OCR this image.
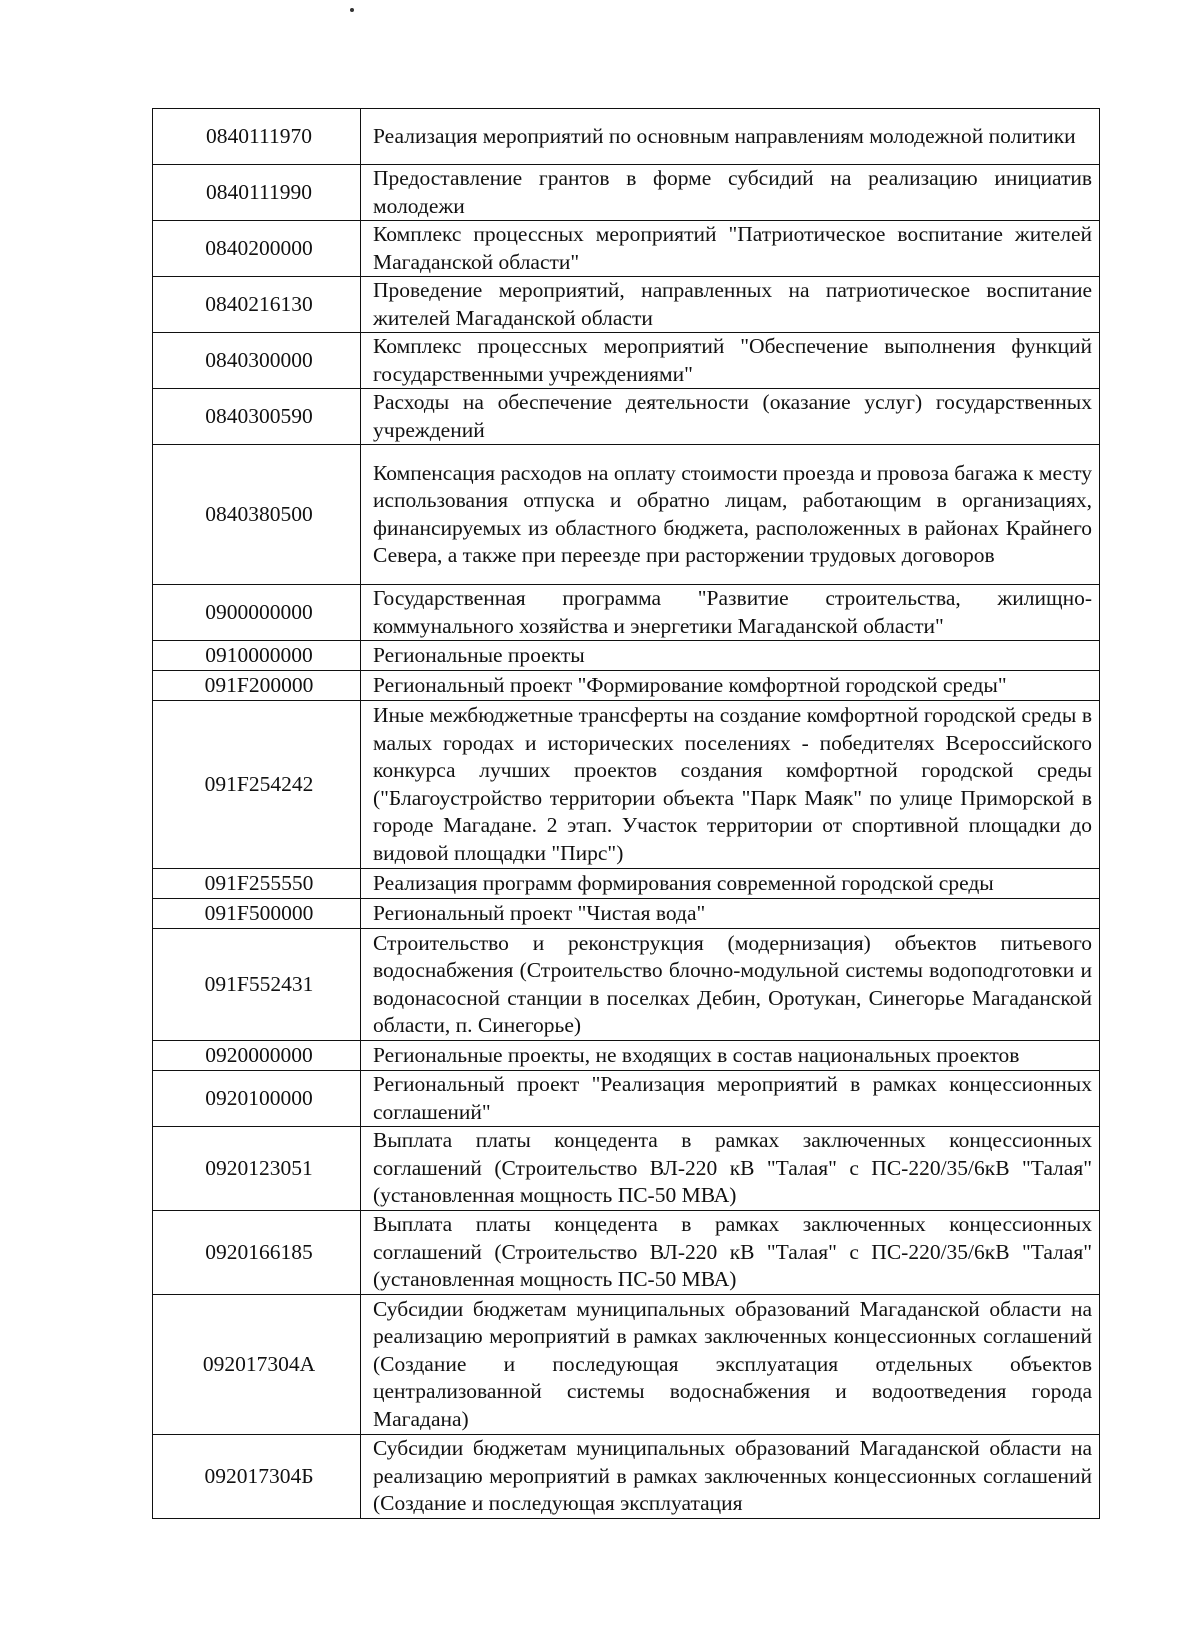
0840111970	Реализация мероприятий по основным направлениям молодежной политики
0840111990	Предоставление грантов в форме субсидий на реализацию инициатив молодежи
0840200000	Комплекс процессных мероприятий "Патриотическое воспитание жителей Магаданской области"
0840216130	Проведение мероприятий, направленных на патриотическое воспитание жителей Магаданской области
0840300000	Комплекс процессных мероприятий "Обеспечение выполнения функций государственными учреждениями"
0840300590	Расходы на обеспечение деятельности (оказание услуг) государственных учреждений
0840380500	Компенсация расходов на оплату стоимости проезда и провоза багажа к месту использования отпуска и обратно лицам, работающим в организациях, финансируемых из областного бюджета, расположенных в районах Крайнего Севера, а также при переезде при расторжении трудовых договоров
0900000000	Государственная программа "Развитие строительства, жилищно-коммунального хозяйства и энергетики Магаданской области"
0910000000	Региональные проекты
091F200000	Региональный проект "Формирование комфортной городской среды"
091F254242	Иные межбюджетные трансферты на создание комфортной городской среды в малых городах и исторических поселениях - победителях Всероссийского конкурса лучших проектов создания комфортной городской среды ("Благоустройство территории объекта "Парк Маяк" по улице Приморской в городе Магадане. 2 этап. Участок территории от спортивной площадки до видовой площадки "Пирс")
091F255550	Реализация программ формирования современной городской среды
091F500000	Региональный проект "Чистая вода"
091F552431	Строительство и реконструкция (модернизация) объектов питьевого водоснабжения (Строительство блочно-модульной системы водоподготовки и водонасосной станции в поселках Дебин, Оротукан, Синегорье Магаданской области, п. Синегорье)
0920000000	Региональные проекты, не входящих в состав национальных проектов
0920100000	Региональный проект "Реализация мероприятий в рамках концессионных соглашений"
0920123051	Выплата платы концедента в рамках заключенных концессионных соглашений (Строительство ВЛ-220 кВ "Талая" с ПС-220/35/6кВ "Талая" (установленная мощность ПС-50 МВА)
0920166185	Выплата платы концедента в рамках заключенных концессионных соглашений (Строительство ВЛ-220 кВ "Талая" с ПС-220/35/6кВ "Талая" (установленная мощность ПС-50 МВА)
092017304А	Субсидии бюджетам муниципальных образований Магаданской области на реализацию мероприятий в рамках заключенных концессионных соглашений (Создание и последующая эксплуатация отдельных объектов централизованной системы водоснабжения и водоотведения города Магадана)
092017304Б	Субсидии бюджетам муниципальных образований Магаданской области на реализацию мероприятий в рамках заключенных концессионных соглашений (Создание и последующая эксплуатация
